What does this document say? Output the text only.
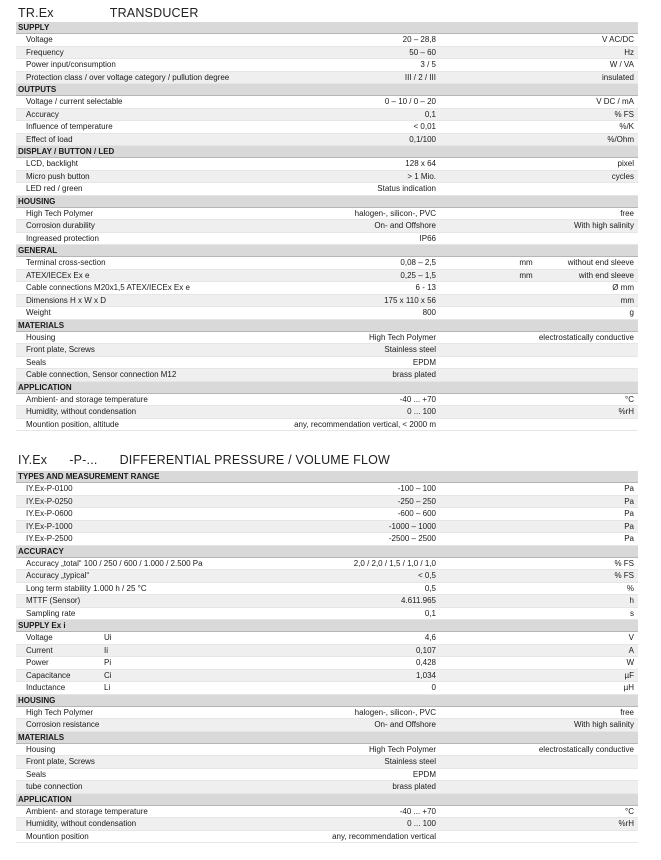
TR.Ex	TRANSDUCER
SUPPLY
Voltage	20 – 28,8	V AC/DC
Frequency	50 – 60	Hz
Power input/consumption	3 / 5	W / VA
Protection class / over voltage category / pullution degree	III / 2 / III	insulated
OUTPUTS
Voltage / current selectable	0 – 10 / 0 – 20	V DC / mA
Accuracy	0,1	% FS
Influence of temperature	< 0,01	%/K
Effect of load	0,1/100	%/Ohm
DISPLAY / BUTTON / LED
LCD, backlight	128 x 64	pixel
Micro push button	> 1 Mio.	cycles
LED red / green	Status indication
HOUSING
High Tech Polymer	halogen-, silicon-, PVC	free
Corrosion durability	On- and Offshore	With high salinity
Ingreased protection	IP66
GENERAL
Terminal cross-section	0,08 – 2,5	mm	without end sleeve
ATEX/IECEx Ex e	0,25 – 1,5	mm	with end sleeve
Cable connections M20x1,5 ATEX/IECEx Ex e	6 - 13	Ø mm
Dimensions H x W x D	175 x 110 x 56	mm
Weight	800	g
MATERIALS
Housing	High Tech Polymer	electrostatically conductive
Front plate, Screws	Stainless steel
Seals	EPDM
Cable connection, Sensor connection M12	brass plated
APPLICATION
Ambient- and storage temperature	-40 ... +70	°C
Humidity, without condensation	0 ... 100	%rH
Mountion position, altitude	any, recommendation vertical, < 2000 m
IY.Ex -P-... DIFFERENTIAL PRESSURE / VOLUME FLOW
TYPES AND MEASUREMENT RANGE
IY.Ex-P-0100	-100 – 100	Pa
IY.Ex-P-0250	-250 – 250	Pa
IY.Ex-P-0600	-600 – 600	Pa
IY.Ex-P-1000	-1000 – 1000	Pa
IY.Ex-P-2500	-2500 – 2500	Pa
ACCURACY
Accuracy „total“ 100 / 250 / 600 / 1.000 / 2.500 Pa	2,0 / 2,0 / 1,5 / 1,0 / 1,0	% FS
Accuracy „typical“	< 0,5	% FS
Long term stability 1.000 h / 25 °C	0,5	%
MTTF (Sensor)	4.611.965	h
Sampling rate	0,1	s
SUPPLY Ex i
Voltage	Ui	4,6	V
Current	Ii	0,107	A
Power	Pi	0,428	W
Capacitance	Ci	1,034	µF
Inductance	Li	0	µH
HOUSING
High Tech Polymer	halogen-, silicon-, PVC	free
Corrosion resistance	On- and Offshore	With high salinity
MATERIALS
Housing	High Tech Polymer	electrostatically conductive
Front plate, Screws	Stainless steel
Seals	EPDM
tube connection	brass plated
APPLICATION
Ambient- and storage temperature	-40 ... +70	°C
Humidity, without condensation	0 ... 100	%rH
Mountion position	any, recommendation vertical
